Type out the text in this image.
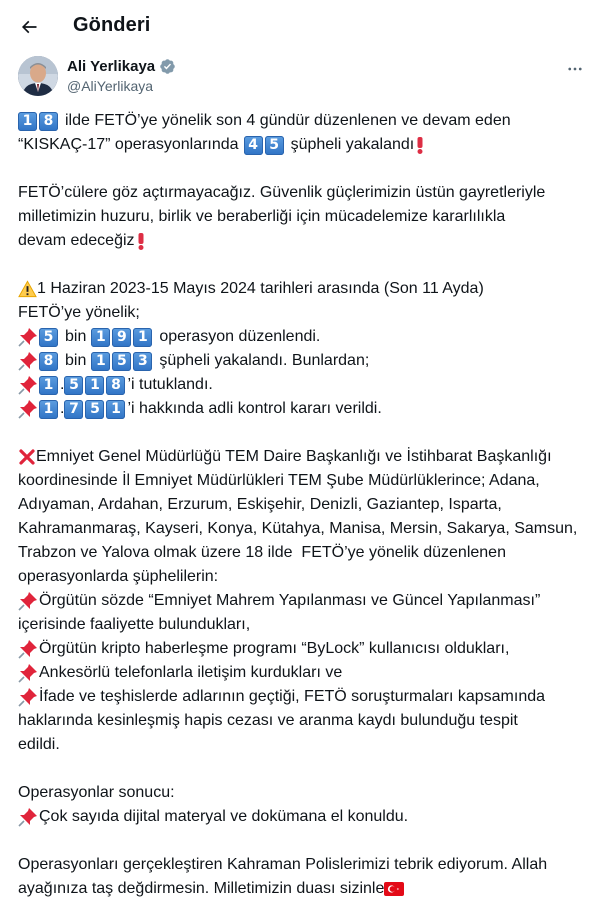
Gönderi
Ali Yerlikaya
@AliYerlikaya
1 8 ilde FETÖ’ye yönelik son 4 gündür düzenlenen ve devam eden
“KISKAÇ-17” operasyonlarında 4 5 şüpheli yakalandı
FETÖ’cülere göz açtırmayacağız. Güvenlik güçlerimizin üstün gayretleriyle
milletimizin huzuru, birlik ve beraberliği için mücadelemize kararlılıkla
devam edeceğiz
1 Haziran 2023-15 Mayıs 2024 tarihleri arasında (Son 11 Ayda)
FETÖ’ye yönelik;
5 bin 1 9 1 operasyon düzenlendi.
8 bin 1 5 3 şüpheli yakalandı. Bunlardan;
1 . 5 1 8 ’i tutuklandı.
1 . 7 5 1 ’i hakkında adli kontrol kararı verildi.
Emniyet Genel Müdürlüğü TEM Daire Başkanlığı ve İstihbarat Başkanlığı
koordinesinde İl Emniyet Müdürlükleri TEM Şube Müdürlüklerince; Adana,
Adıyaman, Ardahan, Erzurum, Eskişehir, Denizli, Gaziantep, Isparta,
Kahramanmaraş, Kayseri, Konya, Kütahya, Manisa, Mersin, Sakarya, Samsun,
Trabzon ve Yalova olmak üzere 18 ilde  FETÖ’ye yönelik düzenlenen
operasyonlarda şüphelilerin:
Örgütün sözde “Emniyet Mahrem Yapılanması ve Güncel Yapılanması”
içerisinde faaliyette bulundukları,
Örgütün kripto haberleşme programı “ByLock” kullanıcısı oldukları,
Ankesörlü telefonlarla iletişim kurdukları ve
İfade ve teşhislerde adlarının geçtiği, FETÖ soruşturmaları kapsamında
haklarında kesinleşmiş hapis cezası ve aranma kaydı bulunduğu tespit
edildi.
Operasyonlar sonucu:
Çok sayıda dijital materyal ve dokümana el konuldu.
Operasyonları gerçekleştiren Kahraman Polislerimizi tebrik ediyorum. Allah
ayağınıza taş değdirmesin. Milletimizin duası sizinle
